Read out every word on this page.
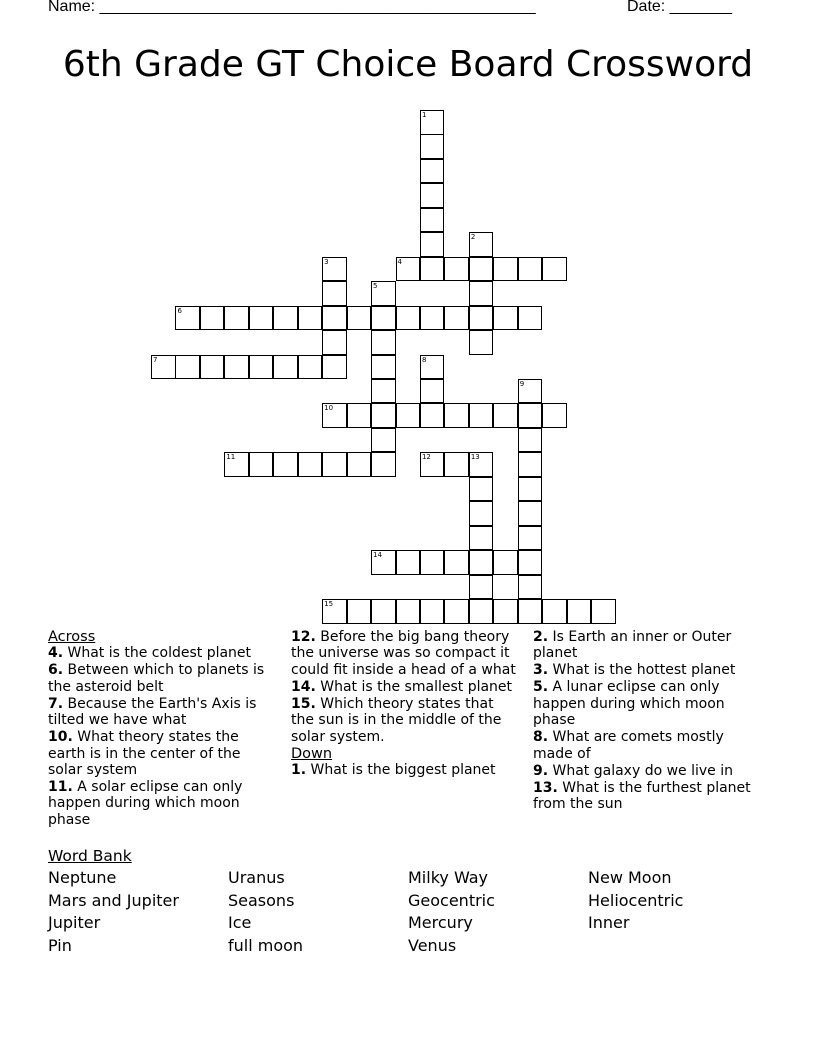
Name: _________________________________________________	Date: _______
6th Grade GT Choice Board Crossword
1
2
3	4
5
6
7	8
9
10
11	12	13
14
15
Across
4. What is the coldest planet
6. Between which to planets is the asteroid belt
7. Because the Earth's Axis is tilted we have what
10. What theory states the earth is in the center of the solar system
11. A solar eclipse can only happen during which moon phase
12. Before the big bang theory the universe was so compact it could fit inside a head of a what
14. What is the smallest planet
15. Which theory states that the sun is in the middle of the solar system.
Down
1. What is the biggest planet
2. Is Earth an inner or Outer planet
3. What is the hottest planet
5. A lunar eclipse can only happen during which moon phase
8. What are comets mostly made of
9. What galaxy do we live in
13. What is the furthest planet from the sun
Word Bank
Neptune	Uranus	Milky Way	New Moon
Mars and Jupiter	Seasons	Geocentric	Heliocentric
Jupiter	Ice	Mercury	Inner
Pin	full moon	Venus
